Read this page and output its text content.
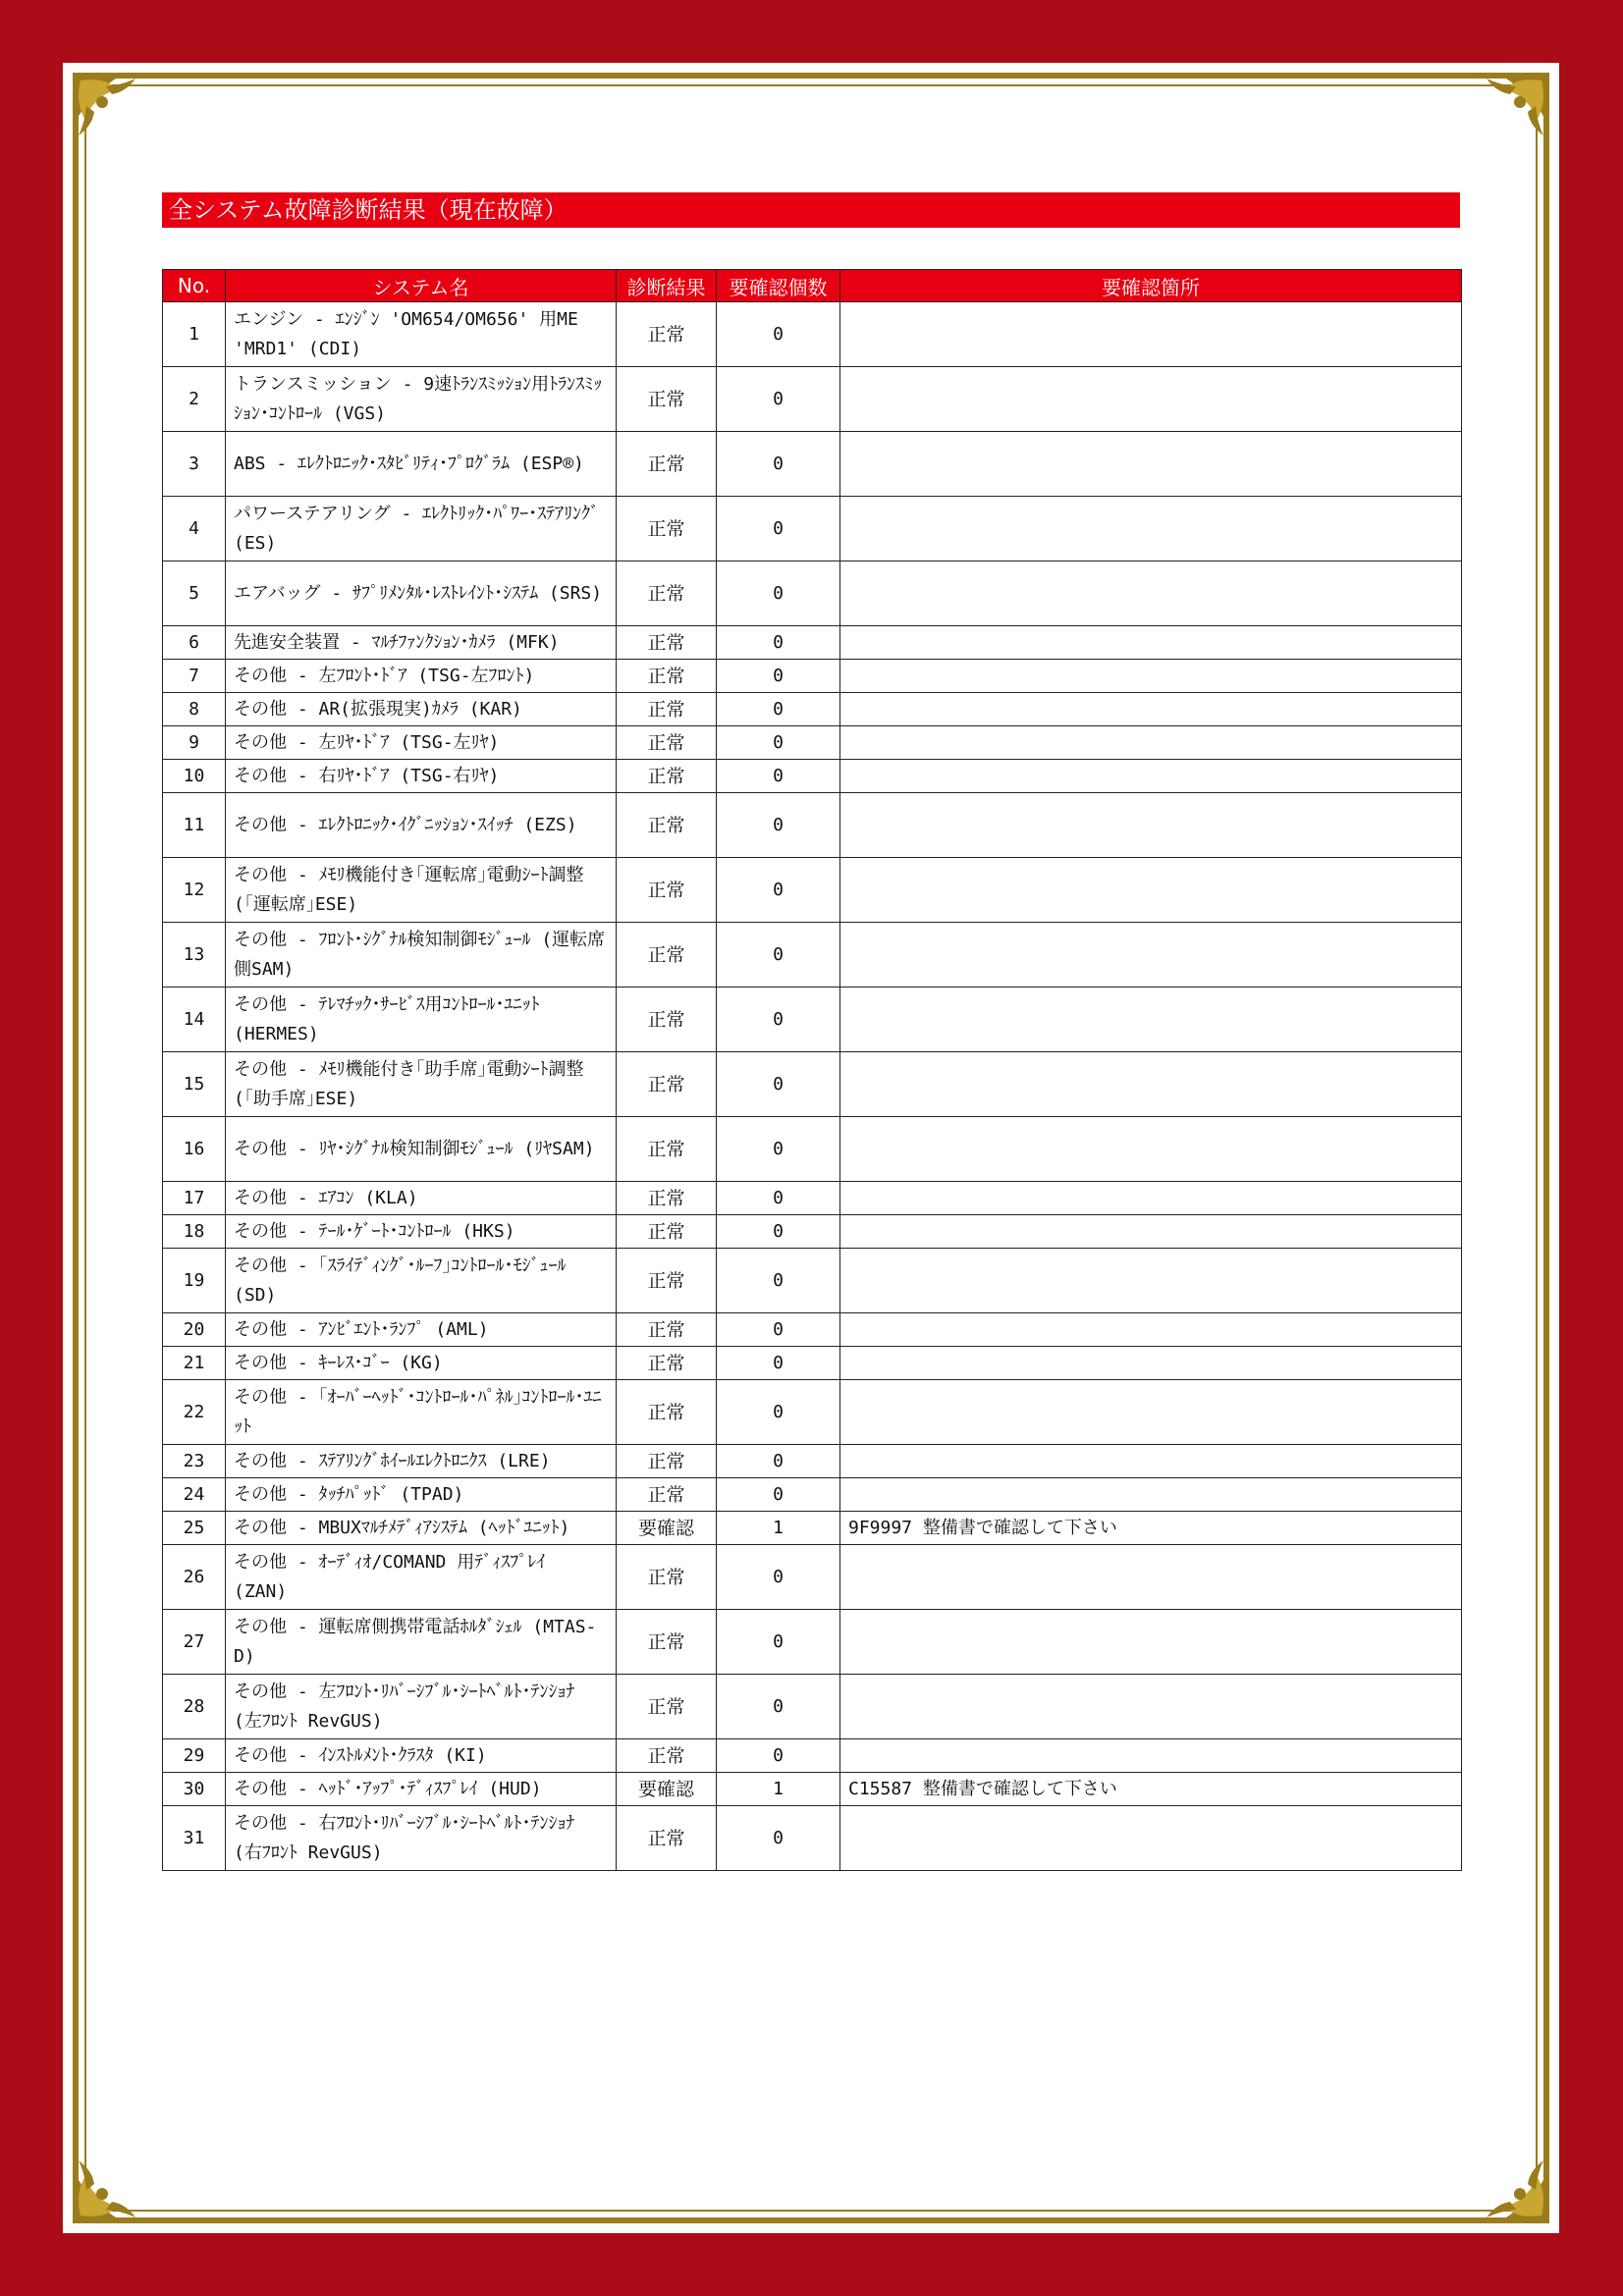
全システム故障診断結果（現在故障）
No.	システム名	診断結果	要確認個数	要確認箇所
1	エンジン - ｴﾝｼﾞﾝ 'OM654/OM656' 用ME 'MRD1' (CDI)	正常	0	
2	トランスミッション - 9速ﾄﾗﾝｽﾐｯｼｮﾝ用ﾄﾗﾝｽﾐｯｼｮﾝ･ｺﾝﾄﾛｰﾙ (VGS)	正常	0	
3	ABS - ｴﾚｸﾄﾛﾆｯｸ･ｽﾀﾋﾞﾘﾃｨ･ﾌﾟﾛｸﾞﾗﾑ (ESP®)	正常	0	
4	パワーステアリング - ｴﾚｸﾄﾘｯｸ･ﾊﾟﾜｰ･ｽﾃｱﾘﾝｸﾞ (ES)	正常	0	
5	エアバッグ - ｻﾌﾟﾘﾒﾝﾀﾙ･ﾚｽﾄﾚｲﾝﾄ･ｼｽﾃﾑ (SRS)	正常	0	
6	先進安全装置 - ﾏﾙﾁﾌｧﾝｸｼｮﾝ･ｶﾒﾗ (MFK)	正常	0	
7	その他 - 左ﾌﾛﾝﾄ･ﾄﾞｱ (TSG-左ﾌﾛﾝﾄ)	正常	0	
8	その他 - AR(拡張現実)ｶﾒﾗ (KAR)	正常	0	
9	その他 - 左ﾘﾔ･ﾄﾞｱ (TSG-左ﾘﾔ)	正常	0	
10	その他 - 右ﾘﾔ･ﾄﾞｱ (TSG-右ﾘﾔ)	正常	0	
11	その他 - ｴﾚｸﾄﾛﾆｯｸ･ｲｸﾞﾆｯｼｮﾝ･ｽｲｯﾁ (EZS)	正常	0	
12	その他 - ﾒﾓﾘ機能付き｢運転席｣電動ｼｰﾄ調整 (｢運転席｣ESE)	正常	0	
13	その他 - ﾌﾛﾝﾄ･ｼｸﾞﾅﾙ検知制御ﾓｼﾞｭｰﾙ (運転席側SAM)	正常	0	
14	その他 - ﾃﾚﾏﾁｯｸ･ｻｰﾋﾞｽ用ｺﾝﾄﾛｰﾙ･ﾕﾆｯﾄ (HERMES)	正常	0	
15	その他 - ﾒﾓﾘ機能付き｢助手席｣電動ｼｰﾄ調整 (｢助手席｣ESE)	正常	0	
16	その他 - ﾘﾔ･ｼｸﾞﾅﾙ検知制御ﾓｼﾞｭｰﾙ (ﾘﾔSAM)	正常	0	
17	その他 - ｴｱｺﾝ (KLA)	正常	0	
18	その他 - ﾃｰﾙ･ｹﾞｰﾄ･ｺﾝﾄﾛｰﾙ (HKS)	正常	0	
19	その他 - ｢ｽﾗｲﾃﾞｨﾝｸﾞ･ﾙｰﾌ｣ｺﾝﾄﾛｰﾙ･ﾓｼﾞｭｰﾙ (SD)	正常	0	
20	その他 - ｱﾝﾋﾞｴﾝﾄ･ﾗﾝﾌﾟ (AML)	正常	0	
21	その他 - ｷｰﾚｽ･ｺﾞｰ (KG)	正常	0	
22	その他 - ｢ｵｰﾊﾞｰﾍｯﾄﾞ･ｺﾝﾄﾛｰﾙ･ﾊﾟﾈﾙ｣ｺﾝﾄﾛｰﾙ･ﾕﾆｯﾄ	正常	0	
23	その他 - ｽﾃｱﾘﾝｸﾞﾎｲｰﾙｴﾚｸﾄﾛﾆｸｽ (LRE)	正常	0	
24	その他 - ﾀｯﾁﾊﾟｯﾄﾞ (TPAD)	正常	0	
25	その他 - MBUXﾏﾙﾁﾒﾃﾞｨｱｼｽﾃﾑ (ﾍｯﾄﾞﾕﾆｯﾄ)	要確認	1	9F9997 整備書で確認して下さい
26	その他 - ｵｰﾃﾞｨｵ/COMAND 用ﾃﾞｨｽﾌﾟﾚｲ (ZAN)	正常	0	
27	その他 - 運転席側携帯電話ﾎﾙﾀﾞｼｪﾙ (MTAS-D)	正常	0	
28	その他 - 左ﾌﾛﾝﾄ･ﾘﾊﾞｰｼﾌﾞﾙ･ｼｰﾄﾍﾞﾙﾄ･ﾃﾝｼｮﾅ (左ﾌﾛﾝﾄ RevGUS)	正常	0	
29	その他 - ｲﾝｽﾄﾙﾒﾝﾄ･ｸﾗｽﾀ (KI)	正常	0	
30	その他 - ﾍｯﾄﾞ･ｱｯﾌﾟ･ﾃﾞｨｽﾌﾟﾚｲ (HUD)	要確認	1	C15587 整備書で確認して下さい
31	その他 - 右ﾌﾛﾝﾄ･ﾘﾊﾞｰｼﾌﾞﾙ･ｼｰﾄﾍﾞﾙﾄ･ﾃﾝｼｮﾅ (右ﾌﾛﾝﾄ RevGUS)	正常	0	
